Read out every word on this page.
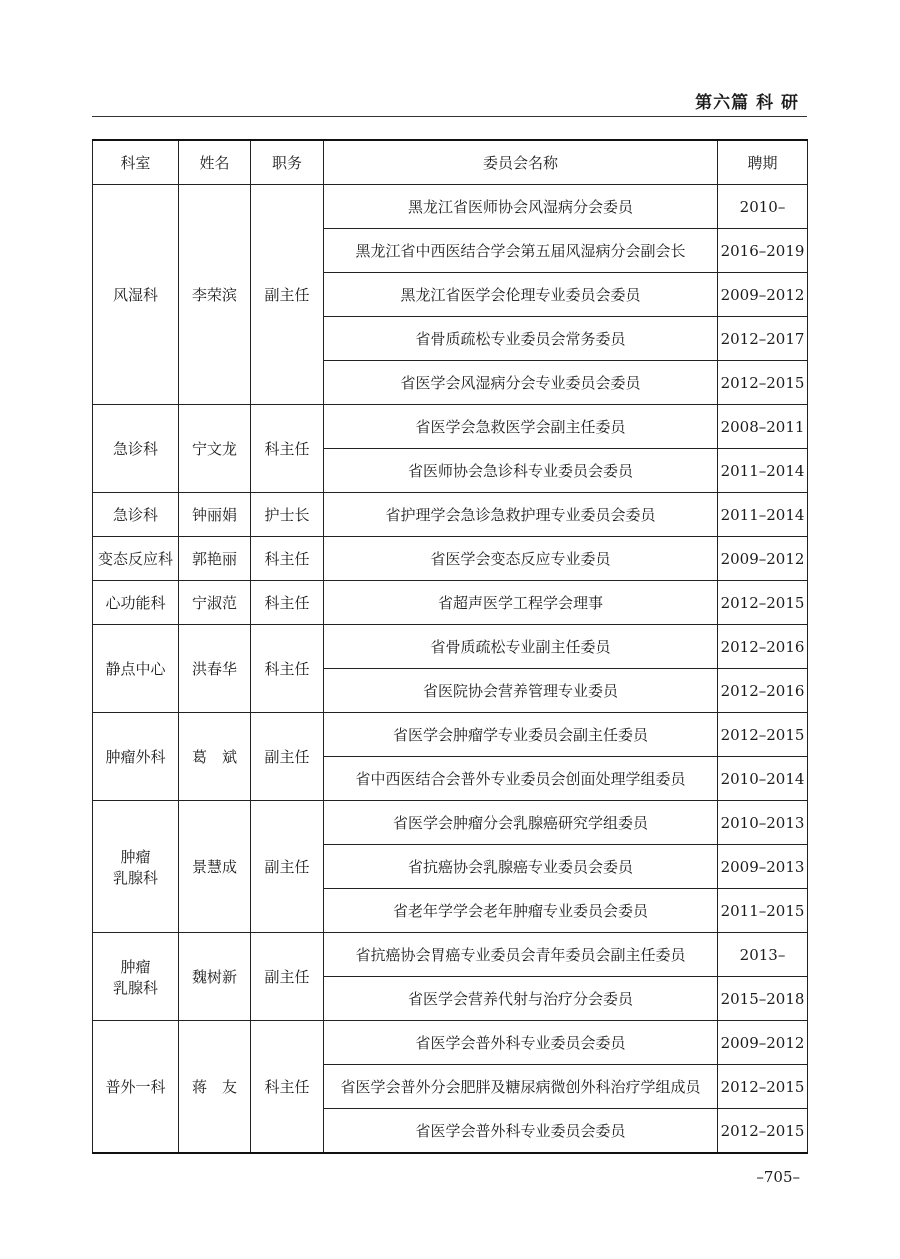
第六篇 科 研
科室	姓名	职务	委员会名称	聘期
风湿科	李荣滨	副主任	黑龙江省医师协会风湿病分会委员	2010–
			黑龙江省中西医结合学会第五届风湿病分会副会长	2016–2019
			黑龙江省医学会伦理专业委员会委员	2009–2012
			省骨质疏松专业委员会常务委员	2012–2017
			省医学会风湿病分会专业委员会委员	2012–2015
急诊科	宁文龙	科主任	省医学会急救医学会副主任委员	2008–2011
			省医师协会急诊科专业委员会委员	2011–2014
急诊科	钟丽娟	护士长	省护理学会急诊急救护理专业委员会委员	2011–2014
变态反应科	郭艳丽	科主任	省医学会变态反应专业委员	2009–2012
心功能科	宁淑范	科主任	省超声医学工程学会理事	2012–2015
静点中心	洪春华	科主任	省骨质疏松专业副主任委员	2012–2016
			省医院协会营养管理专业委员	2012–2016
肿瘤外科	葛　斌	副主任	省医学会肿瘤学专业委员会副主任委员	2012–2015
			省中西医结合会普外专业委员会创面处理学组委员	2010–2014
肿瘤
乳腺科	景慧成	副主任	省医学会肿瘤分会乳腺癌研究学组委员	2010–2013
			省抗癌协会乳腺癌专业委员会委员	2009–2013
			省老年学学会老年肿瘤专业委员会委员	2011–2015
肿瘤
乳腺科	魏树新	副主任	省抗癌协会胃癌专业委员会青年委员会副主任委员	2013–
			省医学会营养代射与治疗分会委员	2015–2018
普外一科	蒋　友	科主任	省医学会普外科专业委员会委员	2009–2012
			省医学会普外分会肥胖及糖尿病微创外科治疗学组成员	2012–2015
			省医学会普外科专业委员会委员	2012–2015
–705–
